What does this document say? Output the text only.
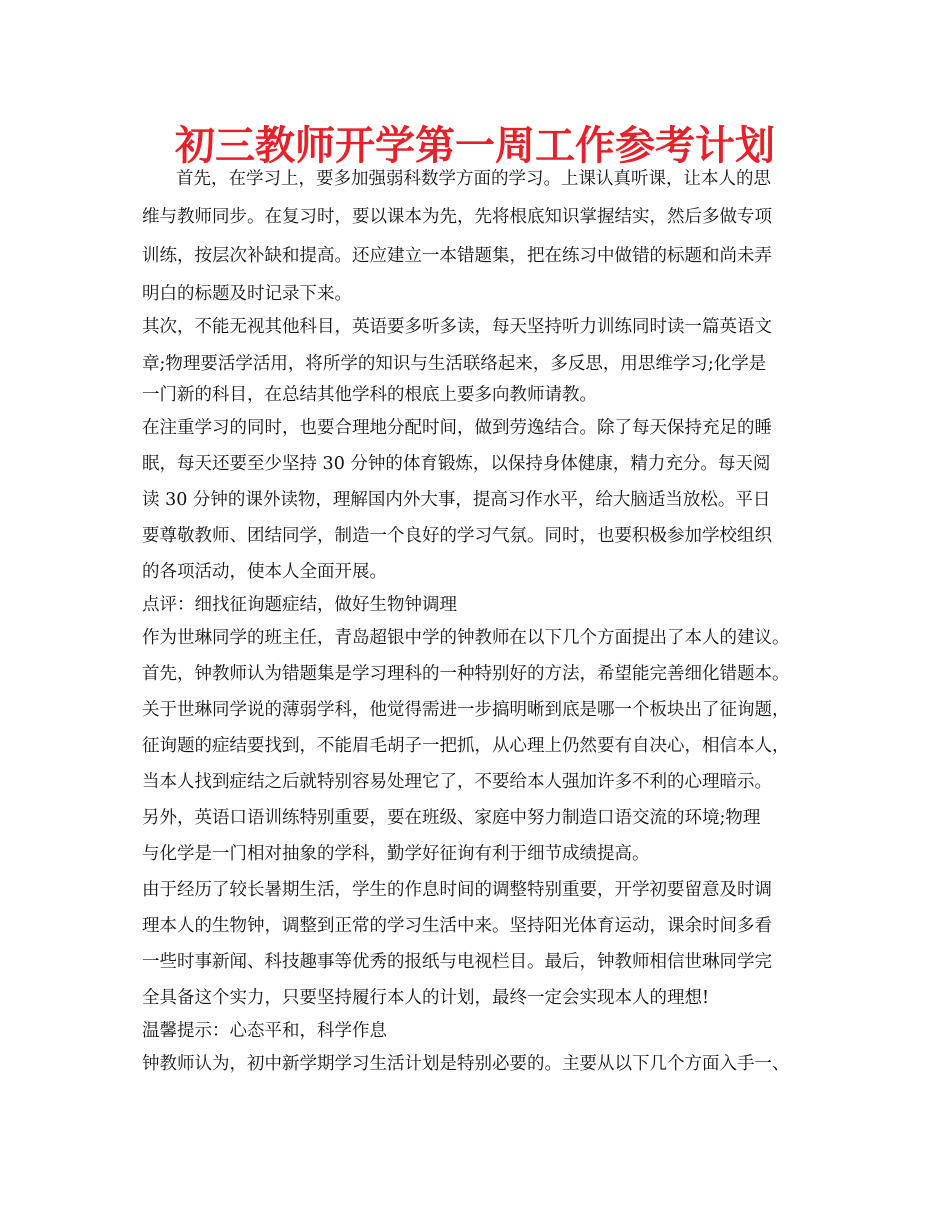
初三教师开学第一周工作参考计划
首先，在学习上，要多加强弱科数学方面的学习。上课认真听课，让本人的思
维与教师同步。在复习时，要以课本为先，先将根底知识掌握结实，然后多做专项
训练，按层次补缺和提高。还应建立一本错题集，把在练习中做错的标题和尚未弄
明白的标题及时记录下来。
其次，不能无视其他科目，英语要多听多读，每天坚持听力训练同时读一篇英语文
章;物理要活学活用，将所学的知识与生活联络起来，多反思，用思维学习;化学是
一门新的科目，在总结其他学科的根底上要多向教师请教。
在注重学习的同时，也要合理地分配时间，做到劳逸结合。除了每天保持充足的睡
眠，每天还要至少坚持 30 分钟的体育锻炼，以保持身体健康，精力充分。每天阅
读 30 分钟的课外读物，理解国内外大事，提高习作水平，给大脑适当放松。平日
要尊敬教师、团结同学，制造一个良好的学习气氛。同时，也要积极参加学校组织
的各项活动，使本人全面开展。
点评：细找征询题症结，做好生物钟调理
作为世琳同学的班主任，青岛超银中学的钟教师在以下几个方面提出了本人的建议。
首先，钟教师认为错题集是学习理科的一种特别好的方法，希望能完善细化错题本。
关于世琳同学说的薄弱学科，他觉得需进一步搞明晰到底是哪一个板块出了征询题，
征询题的症结要找到，不能眉毛胡子一把抓，从心理上仍然要有自决心，相信本人，
当本人找到症结之后就特别容易处理它了，不要给本人强加许多不利的心理暗示。
另外，英语口语训练特别重要，要在班级、家庭中努力制造口语交流的环境;物理
与化学是一门相对抽象的学科，勤学好征询有利于细节成绩提高。
由于经历了较长暑期生活，学生的作息时间的调整特别重要，开学初要留意及时调
理本人的生物钟，调整到正常的学习生活中来。坚持阳光体育运动，课余时间多看
一些时事新闻、科技趣事等优秀的报纸与电视栏目。最后，钟教师相信世琳同学完
全具备这个实力，只要坚持履行本人的计划，最终一定会实现本人的理想!
温馨提示：心态平和，科学作息
钟教师认为，初中新学期学习生活计划是特别必要的。主要从以下几个方面入手一、
